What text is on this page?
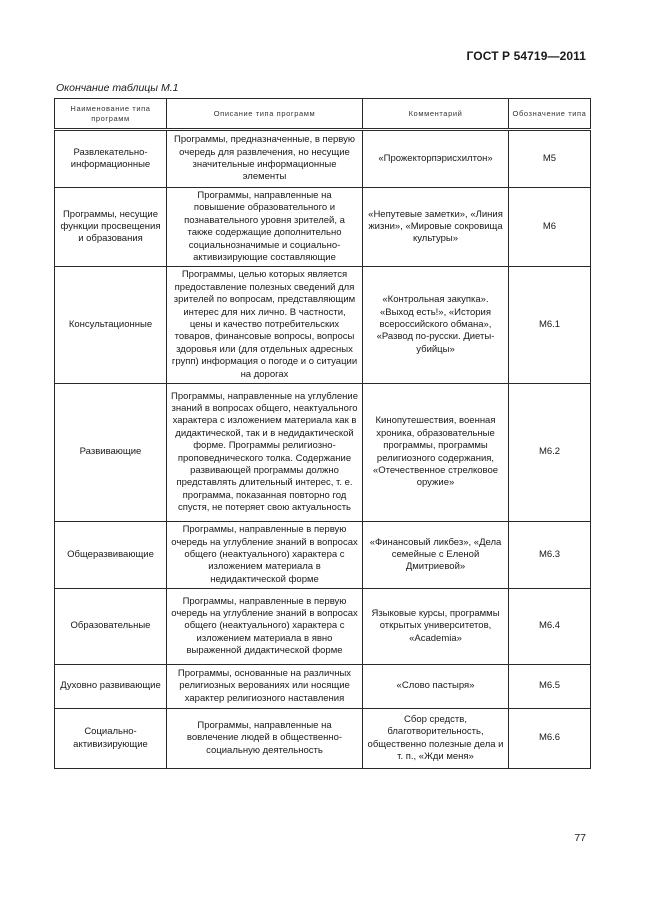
ГОСТ Р 54719—2011
Окончание таблицы М.1
Наименование типа программ	Описание типа программ	Комментарий	Обозначение типа
Развлекательно-информационные	Программы, предназначенные, в первую очередь для развлечения, но несущие значительные информационные элементы	«Прожекторпэрисхилтон»	М5
Программы, несущие функции просвещения и образования	Программы, направленные на повышение образовательного и познавательного уровня зрителей, а также содержащие дополнительно социальнозначимые и социально-активизирующие составляющие	«Непутевые заметки», «Линия жизни», «Мировые сокровища культуры»	М6
Консультационные	Программы, целью которых является предоставление полезных сведений для зрителей по вопросам, представляющим интерес для них лично. В частности, цены и качество потребительских товаров, финансовые вопросы, вопросы здоровья или (для отдельных адресных групп) информация о погоде и о ситуации на дорогах	«Контрольная закупка». «Выход есть!», «История всероссийского обмана», «Развод по-русски. Диеты-убийцы»	М6.1
Развивающие	Программы, направленные на углубление знаний в вопросах общего, неактуального характера с изложением материала как в дидактической, так и в недидактической форме. Программы религиозно-проповеднического толка. Содержание развивающей программы должно представлять длительный интерес, т. е. программа, показанная повторно год спустя, не потеряет свою актуальность	Кинопутешествия, военная хроника, образовательные программы, программы религиозного содержания, «Отечественное стрелковое оружие»	М6.2
Общеразвивающие	Программы, направленные в первую очередь на углубление знаний в вопросах общего (неактуального) характера с изложением материала в недидактической форме	«Финансовый ликбез», «Дела семейные с Еленой Дмитриевой»	М6.3
Образовательные	Программы, направленные в первую очередь на углубление знаний в вопросах общего (неактуального) характера с изложением материала в явно выраженной дидактической форме	Языковые курсы, программы открытых университетов, «Academia»	М6.4
Духовно развивающие	Программы, основанные на различных религиозных верованиях или носящие характер религиозного наставления	«Слово пастыря»	М6.5
Социально-активизирующие	Программы, направленные на вовлечение людей в общественно-социальную деятельность	Сбор средств, благотворительность, общественно полезные дела и т. п., «Жди меня»	М6.6
77
